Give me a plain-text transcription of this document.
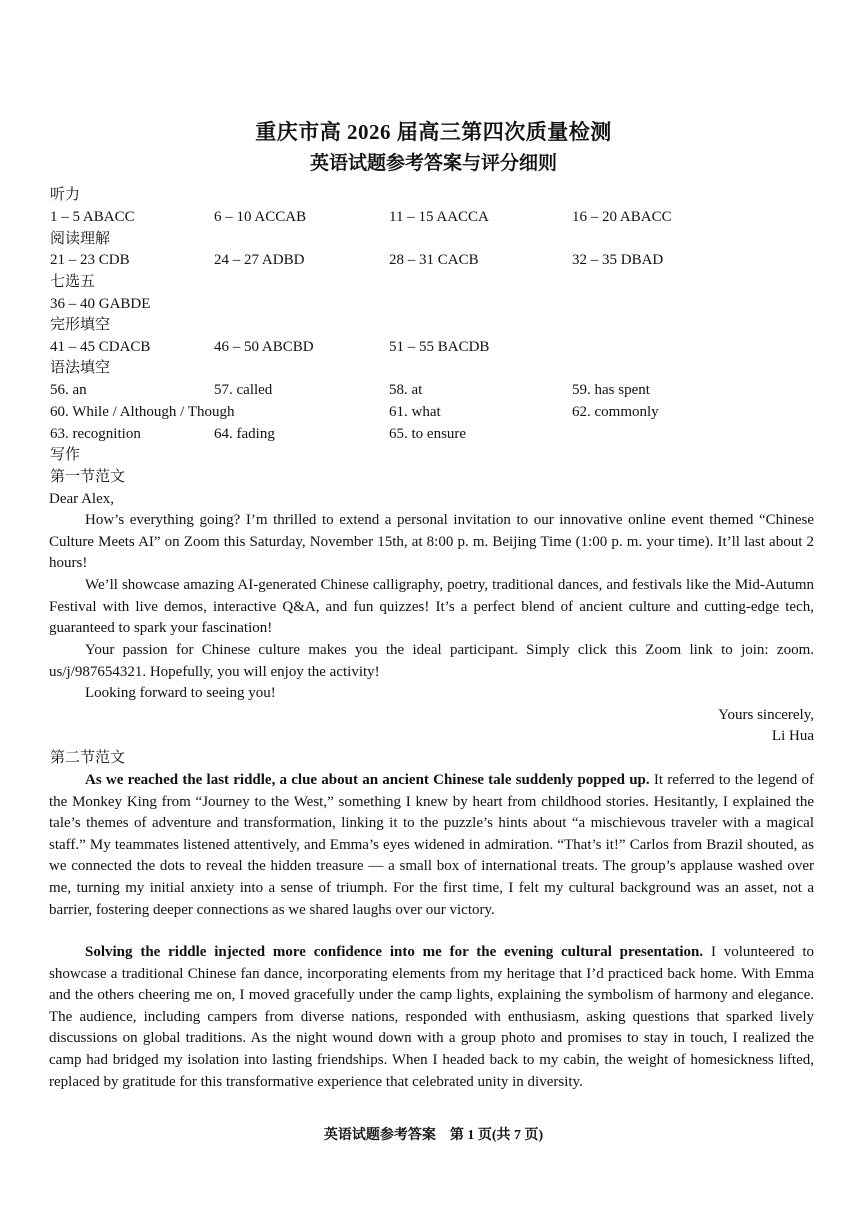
重庆市高 2026 届高三第四次质量检测
英语试题参考答案与评分细则
听力
1 – 5 ABACC	6 – 10 ACCAB	11 – 15 AACCA	16 – 20 ABACC
阅读理解
21 – 23 CDB	24 – 27 ADBD	28 – 31 CACB	32 – 35 DBAD
七选五
36 – 40 GABDE
完形填空
41 – 45 CDACB	46 – 50 ABCBD	51 – 55 BACDB
语法填空
56. an	57. called	58. at	59. has spent
60. While / Although / Though	61. what	62. commonly
63. recognition	64. fading	65. to ensure
写作
第一节范文
Dear Alex,

How’s everything going? I’m thrilled to extend a personal invitation to our innovative online event themed “Chinese Culture Meets AI” on Zoom this Saturday, November 15th, at 8:00 p. m. Beijing Time (1:00 p. m. your time). It’ll last about 2 hours!

We’ll showcase amazing AI-generated Chinese calligraphy, poetry, traditional dances, and festivals like the Mid-Autumn Festival with live demos, interactive Q&A, and fun quizzes! It’s a perfect blend of ancient culture and cutting-edge tech, guaranteed to spark your fascination!

Your passion for Chinese culture makes you the ideal participant. Simply click this Zoom link to join: zoom. us/j/987654321. Hopefully, you will enjoy the activity!

Looking forward to seeing you!

Yours sincerely,
Li Hua
第二节范文

As we reached the last riddle, a clue about an ancient Chinese tale suddenly popped up. It referred to the legend of the Monkey King from “Journey to the West,” something I knew by heart from childhood stories. Hesitantly, I explained the tale’s themes of adventure and transformation, linking it to the puzzle’s hints about “a mischievous traveler with a magical staff.” My teammates listened attentively, and Emma’s eyes widened in admiration. “That’s it!” Carlos from Brazil shouted, as we connected the dots to reveal the hidden treasure — a small box of international treats. The group’s applause washed over me, turning my initial anxiety into a sense of triumph. For the first time, I felt my cultural background was an asset, not a barrier, fostering deeper connections as we shared laughs over our victory.

Solving the riddle injected more confidence into me for the evening cultural presentation. I volunteered to showcase a traditional Chinese fan dance, incorporating elements from my heritage that I’d practiced back home. With Emma and the others cheering me on, I moved gracefully under the camp lights, explaining the symbolism of harmony and elegance. The audience, including campers from diverse nations, responded with enthusiasm, asking questions that sparked lively discussions on global traditions. As the night wound down with a group photo and promises to stay in touch, I realized the camp had bridged my isolation into lasting friendships. When I headed back to my cabin, the weight of homesickness lifted, replaced by gratitude for this transformative experience that celebrated unity in diversity.

英语试题参考答案　第 1 页(共 7 页)
